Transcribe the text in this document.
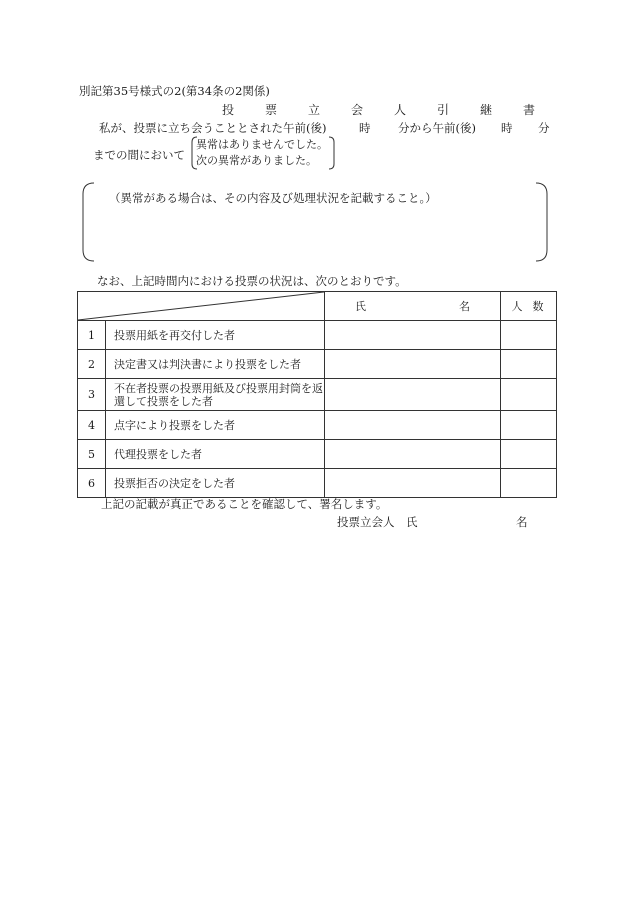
別記第35号様式の2(第34条の2関係)
投　票　立　会　人　引　継　書
私が、投票に立ち会うこととされた午前(後)	時 分から午前(後) 時 分
までの間において
異常はありませんでした。
次の異常がありました。
（異常がある場合は、その内容及び処理状況を記載すること。）
なお、上記時間内における投票の状況は、次のとおりです。

氏 名	人数
1	投票用紙を再交付した者		
2	決定書又は判決書により投票をした者		
3	不在者投票の投票用紙及び投票用封筒を返還して投票をした者		
4	点字により投票をした者		
5	代理投票をした者		
6	投票拒否の決定をした者		
上記の記載が真正であることを確認して、署名します。
投票立会人 氏	名
